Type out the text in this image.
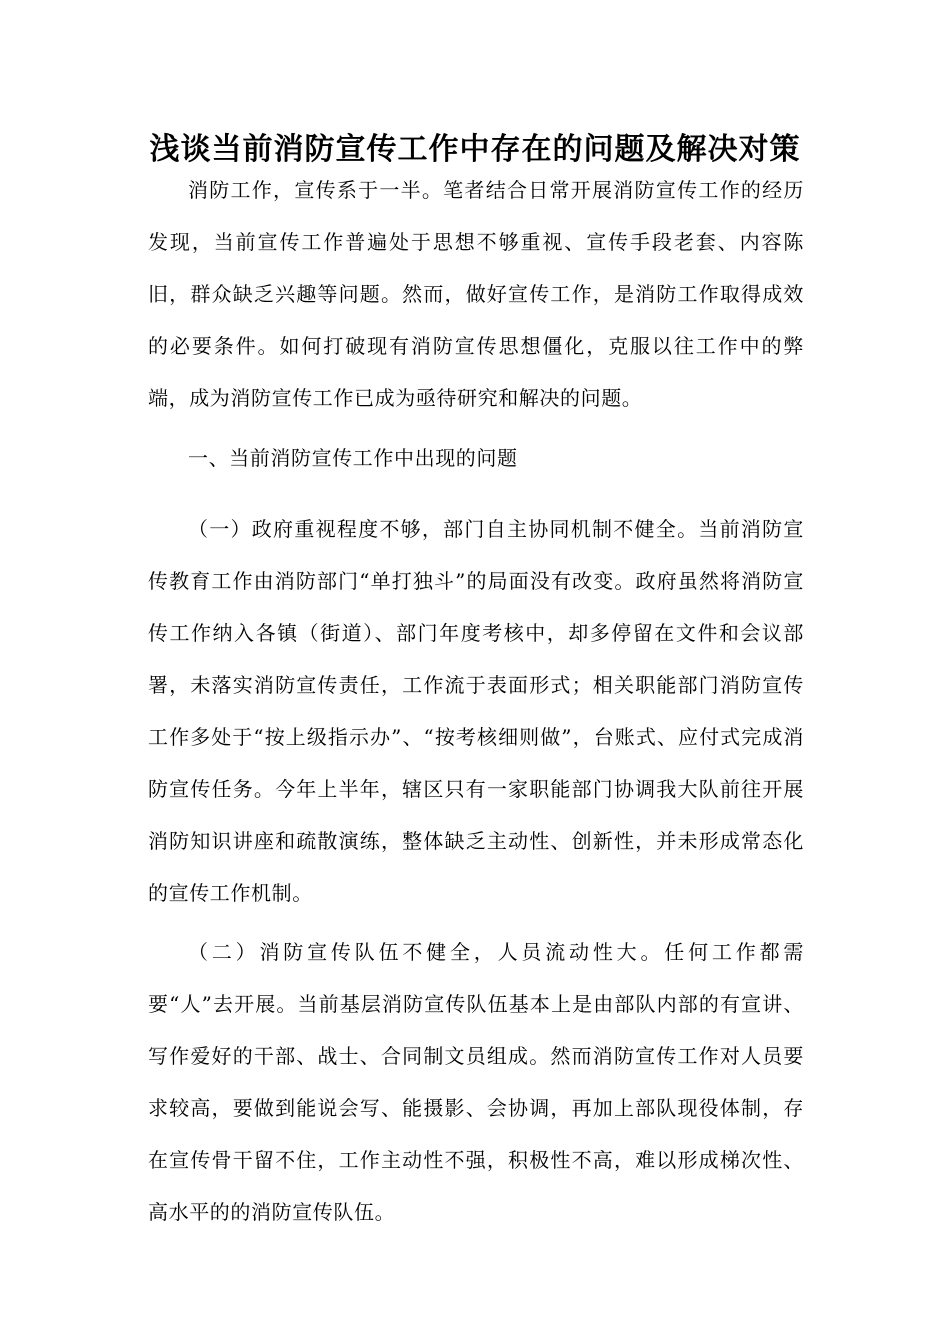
浅谈当前消防宣传工作中存在的问题及解决对策

消防工作，宣传系于一半。笔者结合日常开展消防宣传工作的经历发现，当前宣传工作普遍处于思想不够重视、宣传手段老套、内容陈旧，群众缺乏兴趣等问题。然而，做好宣传工作，是消防工作取得成效的必要条件。如何打破现有消防宣传思想僵化，克服以往工作中的弊端，成为消防宣传工作已成为亟待研究和解决的问题。

一、当前消防宣传工作中出现的问题

（一）政府重视程度不够，部门自主协同机制不健全。当前消防宣传教育工作由消防部门“单打独斗”的局面没有改变。政府虽然将消防宣传工作纳入各镇（街道）、部门年度考核中，却多停留在文件和会议部署，未落实消防宣传责任，工作流于表面形式；相关职能部门消防宣传工作多处于“按上级指示办”、“按考核细则做”，台账式、应付式完成消防宣传任务。今年上半年，辖区只有一家职能部门协调我大队前往开展消防知识讲座和疏散演练，整体缺乏主动性、创新性，并未形成常态化的宣传工作机制。

（二）消防宣传队伍不健全，人员流动性大。任何工作都需要“人”去开展。当前基层消防宣传队伍基本上是由部队内部的有宣讲、写作爱好的干部、战士、合同制文员组成。然而消防宣传工作对人员要求较高，要做到能说会写、能摄影、会协调，再加上部队现役体制，存在宣传骨干留不住，工作主动性不强，积极性不高，难以形成梯次性、高水平的的消防宣传队伍。
